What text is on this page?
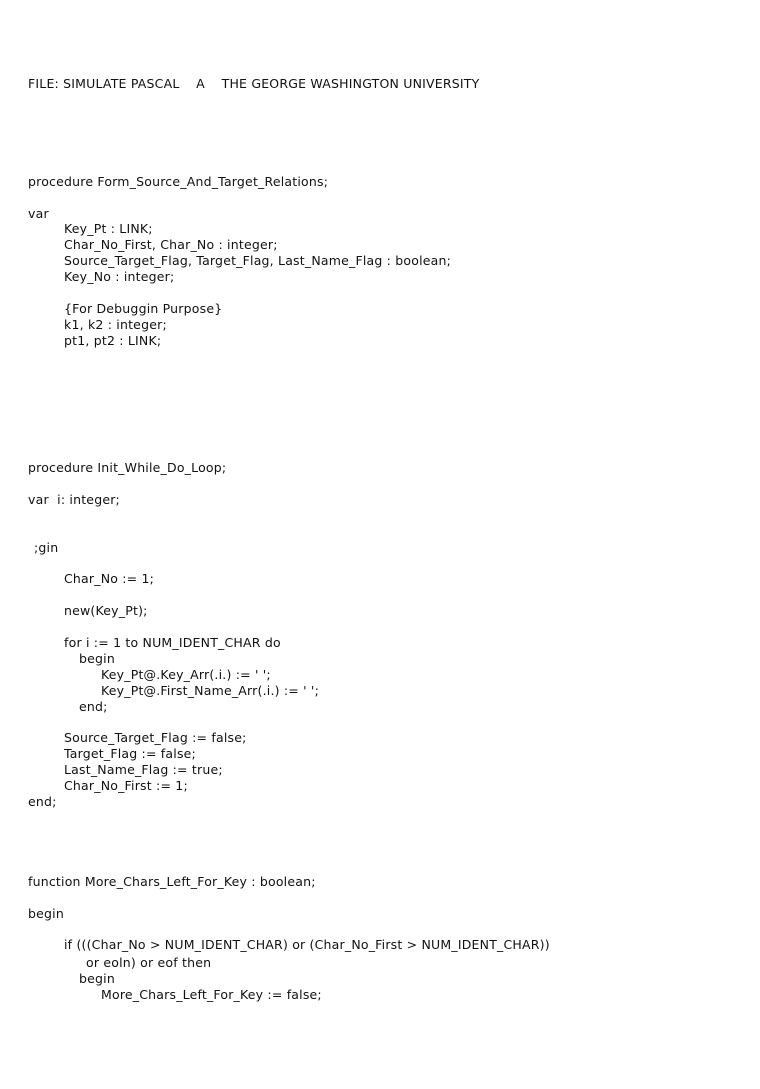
FILE: SIMULATE PASCAL    A    THE GEORGE WASHINGTON UNIVERSITY
procedure Form_Source_And_Target_Relations;
var
Key_Pt : LINK;
Char_No_First, Char_No : integer;
Source_Target_Flag, Target_Flag, Last_Name_Flag : boolean;
Key_No : integer;
{For Debuggin Purpose}
k1, k2 : integer;
pt1, pt2 : LINK;
procedure Init_While_Do_Loop;
var  i: integer;
;gin
Char_No := 1;
new(Key_Pt);
for i := 1 to NUM_IDENT_CHAR do
begin
Key_Pt@.Key_Arr(.i.) := ' ';
Key_Pt@.First_Name_Arr(.i.) := ' ';
end;
Source_Target_Flag := false;
Target_Flag := false;
Last_Name_Flag := true;
Char_No_First := 1;
end;
function More_Chars_Left_For_Key : boolean;
begin
if (((Char_No > NUM_IDENT_CHAR) or (Char_No_First > NUM_IDENT_CHAR))
or eoln) or eof then
begin
More_Chars_Left_For_Key := false;
